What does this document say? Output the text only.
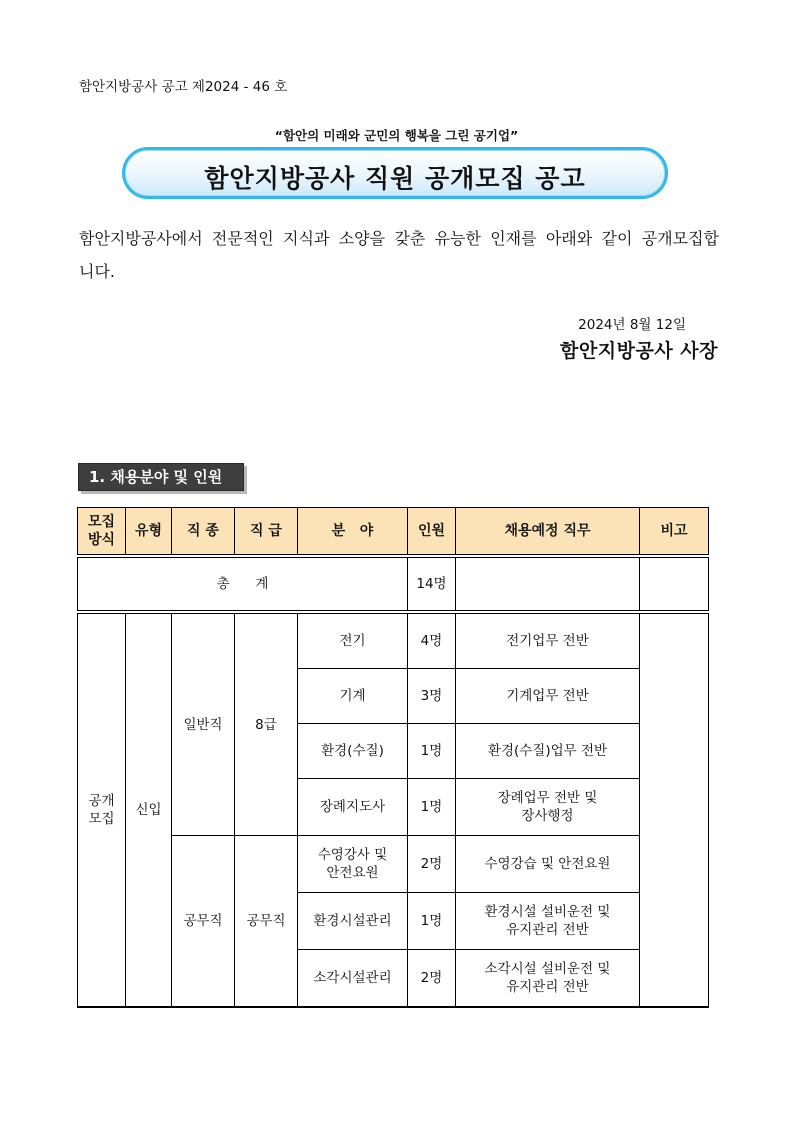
함안지방공사 공고 제2024 - 46 호
“함안의 미래와 군민의 행복을 그린 공기업”
함안지방공사 직원 공개모집 공고
함안지방공사에서 전문적인 지식과 소양을 갖춘 유능한 인재를 아래와 같이 공개모집합니다.
2024년 8월 12일
함안지방공사 사장
1. 채용분야 및 인원
모집
방식	유형	직 종	직 급	분   야	인원	채용예정 직무	비고

총      계					14명		

공개
모집	신입	일반직	8급	전기	4명	전기업무 전반	
				기계	3명	기계업무 전반	
				환경(수질)	1명	환경(수질)업무 전반	
				장례지도사	1명	장례업무 전반 및
장사행정	
		공무직	공무직	수영강사 및
안전요원	2명	수영강습 및 안전요원	
				환경시설관리	1명	환경시설 설비운전 및
유지관리 전반	
				소각시설관리	2명	소각시설 설비운전 및
유지관리 전반	
